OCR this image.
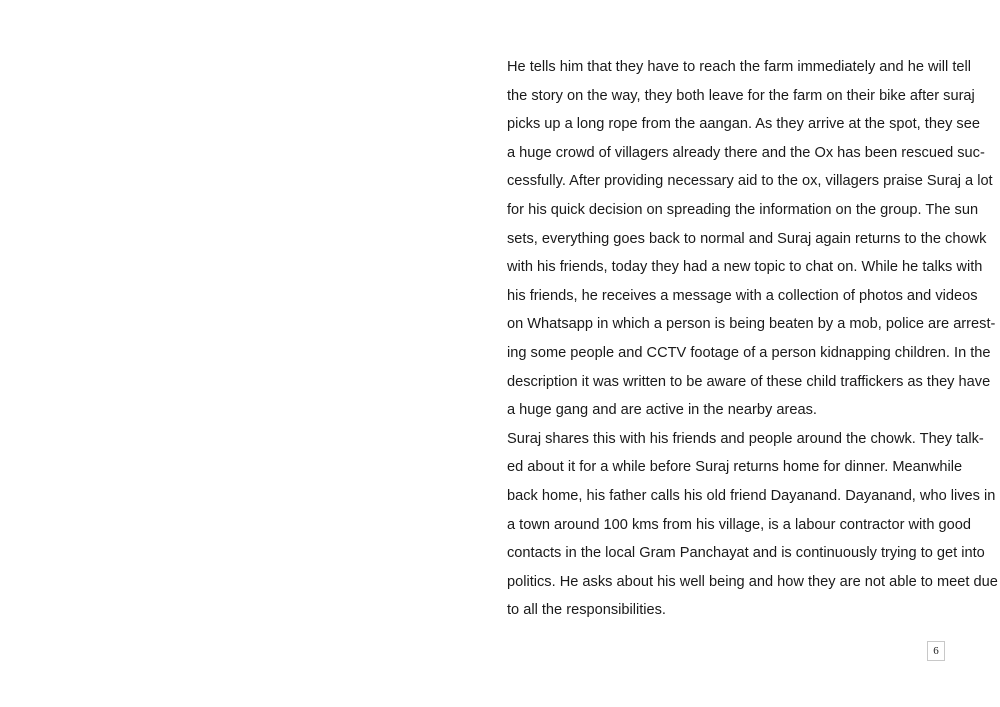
He tells him that they have to reach the farm immediately and he will tell
the story on the way, they both leave for the farm on their bike after suraj
picks up a long rope from the aangan. As they arrive at the spot, they see
a huge crowd of villagers already there and the Ox has been rescued suc-
cessfully. After providing necessary aid to the ox, villagers praise Suraj a lot
for his quick decision on spreading the information on the group. The sun
sets, everything goes back to normal and Suraj again returns to the chowk
with his friends, today they had a new topic to chat on. While he talks with
his friends, he receives a message with a collection of photos and videos
on Whatsapp in which a person is being beaten by a mob, police are arrest-
ing some people and CCTV footage of a person kidnapping children. In the
description it was written to be aware of these child traffickers as they have
a huge gang and are active in the nearby areas.
Suraj shares this with his friends and people around the chowk. They talk-
ed about it for a while before Suraj returns home for dinner. Meanwhile
back home, his father calls his old friend Dayanand. Dayanand, who lives in
a town around 100 kms from his village, is a labour contractor with good
contacts in the local Gram Panchayat and is continuously trying to get into
politics. He asks about his well being and how they are not able to meet due
to all the responsibilities.
6
